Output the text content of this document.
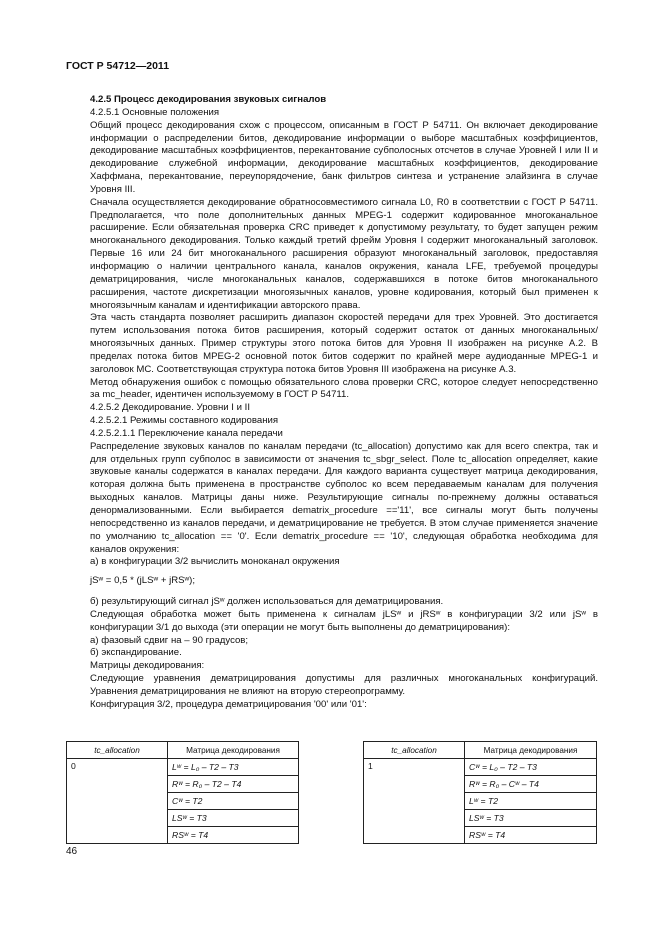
ГОСТ Р 54712—2011

4.2.5 Процесс декодирования звуковых сигналов

4.2.5.1 Основные положения

Общий процесс декодирования схож с процессом, описанным в ГОСТ Р 54711. Он включает декодирование информации о распределении битов, декодирование информации о выборе масштабных коэффициентов, декодирование масштабных коэффициентов, перекантование субполосных отсчетов в случае Уровней I или II и декодирование служебной информации, декодирование масштабных коэффициентов, декодирование Хаффмана, перекантование, переупорядочение, банк фильтров синтеза и устранение элайзинга в случае Уровня III.

Сначала осуществляется декодирование обратносовместимого сигнала L0, R0 в соответствии с ГОСТ Р 54711. Предполагается, что поле дополнительных данных MPEG-1 содержит кодированное многоканальное расширение. Если обязательная проверка CRC приведет к допустимому результату, то будет запущен режим многоканального декодирования. Только каждый третий фрейм Уровня I содержит многоканальный заголовок. Первые 16 или 24 бит многоканального расширения образуют многоканальный заголовок, предоставляя информацию о наличии центрального канала, каналов окружения, канала LFE, требуемой процедуры дематрицирования, числе многоканальных каналов, содержавшихся в потоке битов многоканального расширения, частоте дискретизации многоязычных каналов, уровне кодирования, который был применен к многоязычным каналам и идентификации авторского права.

Эта часть стандарта позволяет расширить диапазон скоростей передачи для трех Уровней. Это достигается путем использования потока битов расширения, который содержит остаток от данных многоканальных/многоязычных данных. Пример структуры этого потока битов для Уровня II изображен на рисунке А.2. В пределах потока битов MPEG-2 основной поток битов содержит по крайней мере аудиоданные MPEG-1 и заголовок MC. Соответствующая структура потока битов Уровня III изображена на рисунке А.3.

Метод обнаружения ошибок с помощью обязательного слова проверки CRC, которое следует непосредственно за mc_header, идентичен используемому в ГОСТ Р 54711.

4.2.5.2 Декодирование. Уровни I и II

4.2.5.2.1 Режимы составного кодирования

4.2.5.2.1.1 Переключение канала передачи

Распределение звуковых каналов по каналам передачи (tc_allocation) допустимо как для всего спектра, так и для отдельных групп субполос в зависимости от значения tc_sbgr_select. Поле tc_allocation определяет, какие звуковые каналы содержатся в каналах передачи. Для каждого варианта существует матрица декодирования, которая должна быть применена в пространстве субполос ко всем передаваемым каналам для получения выходных каналов. Матрицы даны ниже. Результирующие сигналы по-прежнему должны оставаться денормализованными. Если выбирается dematrix_procedure =='11', все сигналы могут быть получены непосредственно из каналов передачи, и дематрицирование не требуется. В этом случае применяется значение по умолчанию tc_allocation == '0'. Если dematrix_procedure == '10', следующая обработка необходима для каналов окружения:

а) в конфигурации 3/2 вычислить моноканал окружения

jSʷ = 0,5 * (jLSʷ + jRSʷ);

б) результирующий сигнал jSʷ должен использоваться для дематрицирования.

Следующая обработка может быть применена к сигналам jLSʷ и jRSʷ в конфигурации 3/2 или jSʷ в конфигурации 3/1 до выхода (эти операции не могут быть выполнены до дематрицирования):

а) фазовый сдвиг на – 90 градусов;

б) экспандирование.

Матрицы декодирования:

Следующие уравнения дематрицирования допустимы для различных многоканальных конфигураций. Уравнения дематрицирования не влияют на вторую стереопрограмму.

Конфигурация 3/2, процедура дематрицирования '00' или '01':

tc_allocation	Матрица декодирования
0	Lʷ = L₀ – T2 – T3
	Rʷ = R₀ – T2 – T4
	Cʷ = T2
	LSʷ = T3
	RSʷ = T4
tc_allocation	Матрица декодирования
1	Cʷ = L₀ – T2 – T3
	Rʷ = R₀ – Cʷ – T4
	Lʷ = T2
	LSʷ = T3
	RSʷ = T4
46
